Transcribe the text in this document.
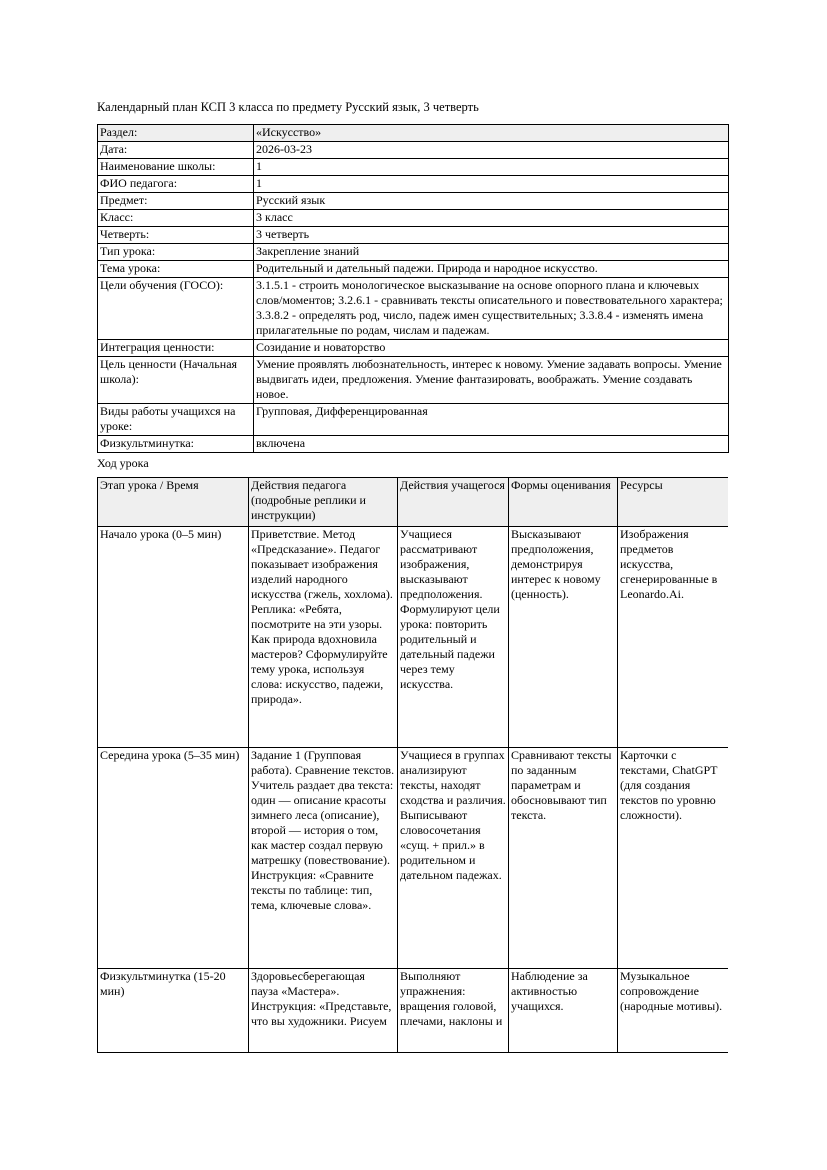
Календарный план КСП 3 класса по предмету Русский язык, 3 четверть

Раздел:	«Искусство»
Дата:	2026-03-23
Наименование школы:	1
ФИО педагога:	1
Предмет:	Русский язык
Класс:	3 класс
Четверть:	3 четверть
Тип урока:	Закрепление знаний
Тема урока:	Родительный и дательный падежи. Природа и народное искусство.
Цели обучения (ГОСО):	3.1.5.1 - строить монологическое высказывание на основе опорного плана и ключевых слов/моментов; 3.2.6.1 - сравнивать тексты описательного и повествовательного характера; 3.3.8.2 - определять род, число, падеж имен существительных; 3.3.8.4 - изменять имена прилагательные по родам, числам и падежам.
Интеграция ценности:	Созидание и новаторство
Цель ценности (Начальная школа):	Умение проявлять любознательность, интерес к новому. Умение задавать вопросы. Умение выдвигать идеи, предложения. Умение фантазировать, воображать. Умение создавать новое.
Виды работы учащихся на уроке:	Групповая, Дифференцированная
Физкультминутка:	включена

Ход урока

Этап урока / Время	Действия педагога (подробные реплики и инструкции)	Действия учащегося	Формы оценивания	Ресурсы
Начало урока (0–5 мин)	Приветствие. Метод «Предсказание». Педагог показывает изображения изделий народного искусства (гжель, хохлома). Реплика: «Ребята, посмотрите на эти узоры. Как природа вдохновила мастеров? Сформулируйте тему урока, используя слова: искусство, падежи, природа».	Учащиеся рассматривают изображения, высказывают предположения. Формулируют цели урока: повторить родительный и дательный падежи через тему искусства.	Высказывают предположения, демонстрируя интерес к новому (ценность).	Изображения предметов искусства, сгенерированные в Leonardo.Ai.
Середина урока (5–35 мин)	Задание 1 (Групповая работа). Сравнение текстов. Учитель раздает два текста: один — описание красоты зимнего леса (описание), второй — история о том, как мастер создал первую матрешку (повествование). Инструкция: «Сравните тексты по таблице: тип, тема, ключевые слова».	Учащиеся в группах анализируют тексты, находят сходства и различия. Выписывают словосочетания «сущ. + прил.» в родительном и дательном падежах.	Сравнивают тексты по заданным параметрам и обосновывают тип текста.	Карточки с текстами, ChatGPT (для создания текстов по уровню сложности).
Физкультминутка (15-20 мин)	Здоровьесберегающая пауза «Мастера». Инструкция: «Представьте, что вы художники. Рисуем	Выполняют упражнения: вращения головой, плечами, наклоны и	Наблюдение за активностью учащихся.	Музыкальное сопровождение (народные мотивы).
